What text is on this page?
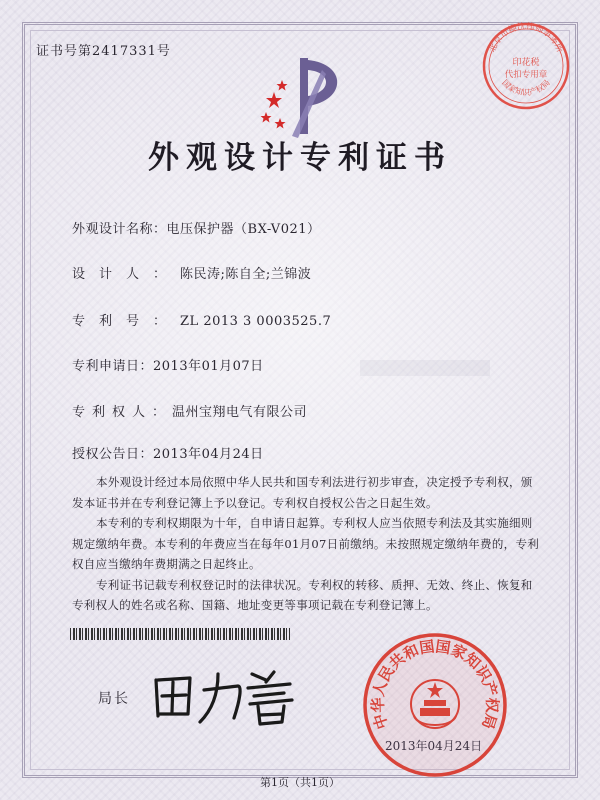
证书号第2417331号	北京市柳沈律师事务所
国家知识产权局
印花税
代扣专用章
外观设计专利证书
外观设计名称：电压保护器（BX-V021）
设计人：陈民涛;陈自全;兰锦波
专利号：ZL 2013 3 0003525.7
专利申请日：2013年01月07日
专利权人：温州宝翔电气有限公司
授权公告日：2013年04月24日

本外观设计经过本局依照中华人民共和国专利法进行初步审查，决定授予专利权，颁发本证书并在专利登记簿上予以登记。专利权自授权公告之日起生效。

本专利的专利权期限为十年，自申请日起算。专利权人应当依照专利法及其实施细则规定缴纳年费。本专利的年费应当在每年01月07日前缴纳。未按照规定缴纳年费的，专利权自应当缴纳年费期满之日起终止。

专利证书记载专利权登记时的法律状况。专利权的转移、质押、无效、终止、恢复和专利权人的姓名或名称、国籍、地址变更等事项记载在专利登记簿上。

局长
中华人民共和国国家知识产权局
2013年04月24日
第1页（共1页）
